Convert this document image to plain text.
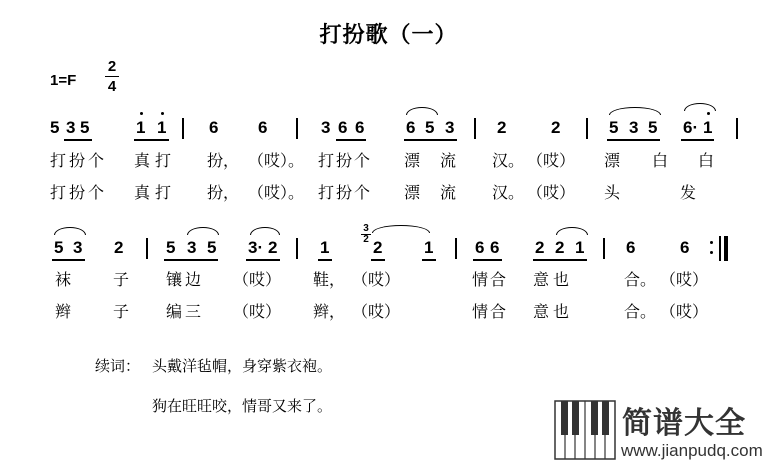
打扮歌（一）
1=F
2
4
5 3 5	1 1	6 6	3 6 6 6 5 3	2	2	5 3 5 6· 1
打 扮 个 真 打 扮， （哎）。 打 扮 个 漂 流 汉。 （哎） 漂 白 白
打 扮 个 真 打 扮， （哎）。 打 扮 个 漂 流 汉。 （哎） 头	发
5 3 2	5 3 5 3· 2	1
3
2 2 1 6 6 2 2 1 6	6
袜	子 镶 边 （哎） 鞋， （哎）	情 合 意 也	合。 （哎）
辫	子 编 三 （哎） 辫， （哎）	情 合 意 也	合。 （哎）
续词： 头戴洋毡帽，身穿紫衣袍。
狗在旺旺咬，情哥又来了。	简谱大全
www.jianpudq.com
